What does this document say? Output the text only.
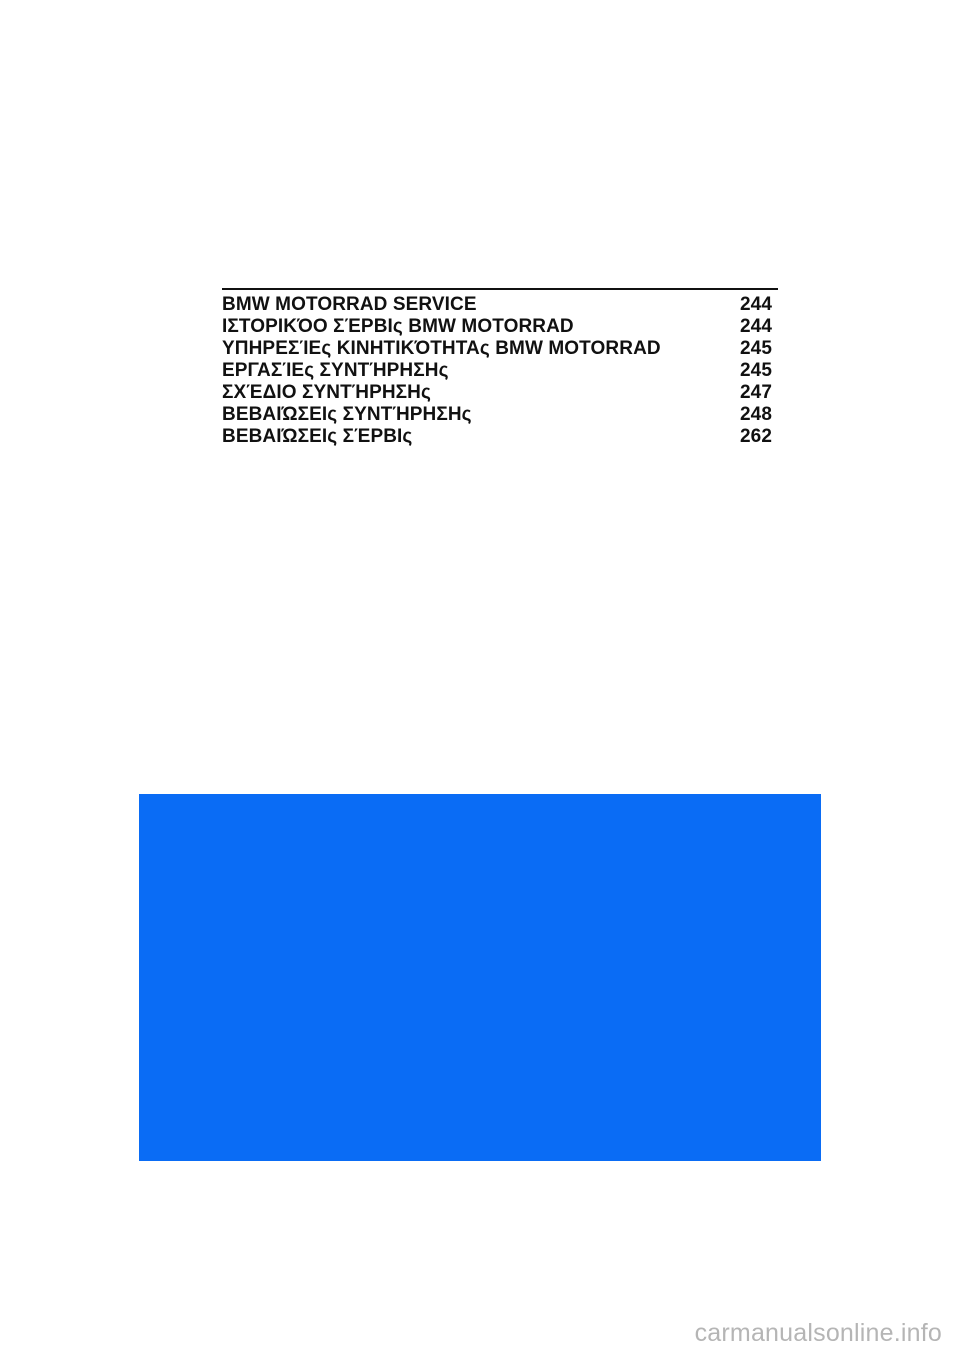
BMW MOTORRAD SERVICE	244
ΙΣΤΟΡΙΚΌΟ ΣΈΡΒΙς BMW MOTORRAD	244
ΥΠΗΡΕΣΊΕς ΚΙΝΗΤΙΚΌΤΗΤΑς BMW MOTORRAD	245
ΕΡΓΑΣΊΕς ΣΥΝΤΉΡΗΣΗς	245
ΣΧΈΔΙΟ ΣΥΝΤΉΡΗΣΗς	247
ΒΕΒΑΙΏΣΕΙς ΣΥΝΤΉΡΗΣΗς	248
ΒΕΒΑΙΏΣΕΙς ΣΈΡΒΙς	262
carmanualsonline.info
